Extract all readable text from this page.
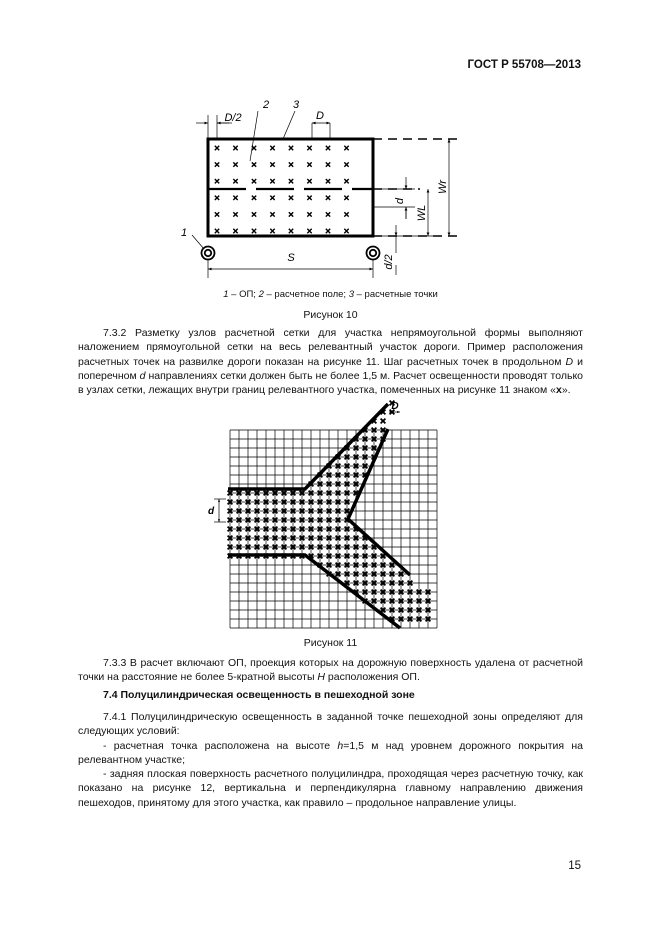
ГОСТ Р 55708—2013
D/2	D
2 3
1
S
d
d/2
WL
Wr
1 – ОП; 2 – расчетное поле; 3 – расчетные точки
Рисунок 10

7.3.2 Разметку узлов расчетной сетки для участка непрямоугольной формы выполняют наложением прямоугольной сетки на весь релевантный участок дороги. Пример расположения расчетных точек на развилке дороги показан на рисунке 11. Шаг расчетных точек в продольном D и поперечном d направлениях сетки должен быть не более 1,5 м. Расчет освещенности проводят только в узлах сетки, лежащих внутри границ релевантного участка, помеченных на рисунке 11 знаком «x».

D
d
Рисунок 11

7.3.3 В расчет включают ОП, проекция которых на дорожную поверхность удалена от расчетной точки на расстояние не более 5-кратной высоты H расположения ОП.

7.4 Полуцилиндрическая освещенность в пешеходной зоне

7.4.1 Полуцилиндрическую освещенность в заданной точке пешеходной зоны определяют для следующих условий:

- расчетная точка расположена на высоте h=1,5 м над уровнем дорожного покрытия на релевантном участке;

- задняя плоская поверхность расчетного полуцилиндра, проходящая через расчетную точку, как показано на рисунке 12, вертикальна и перпендикулярна главному направлению движения пешеходов, принятому для этого участка, как правило – продольное направление улицы.

15
